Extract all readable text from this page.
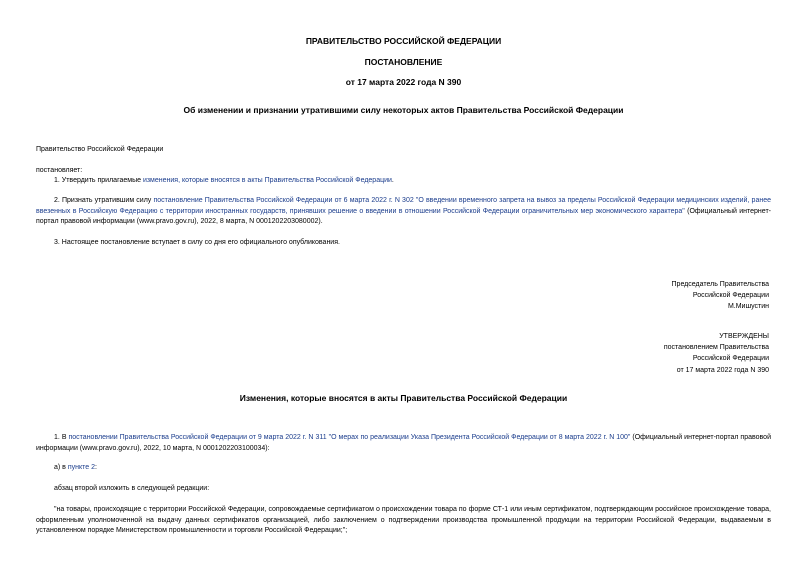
ПРАВИТЕЛЬСТВО РОССИЙСКОЙ ФЕДЕРАЦИИ
ПОСТАНОВЛЕНИЕ
от 17 марта 2022 года N 390
Об изменении и признании утратившими силу некоторых актов Правительства Российской Федерации
Правительство Российской Федерации
постановляет:
1. Утвердить прилагаемые изменения, которые вносятся в акты Правительства Российской Федерации.
2. Признать утратившим силу постановление Правительства Российской Федерации от 6 марта 2022 г. N 302 "О введении временного запрета на вывоз за пределы Российской Федерации медицинских изделий, ранее ввезенных в Российскую Федерацию с территории иностранных государств, принявших решение о введении в отношении Российской Федерации ограничительных мер экономического характера" (Официальный интернет-портал правовой информации (www.pravo.gov.ru), 2022, 8 марта, N 0001202203080002).
3. Настоящее постановление вступает в силу со дня его официального опубликования.
Председатель Правительства
Российской Федерации
М.Мишустин
УТВЕРЖДЕНЫ
постановлением Правительства
Российской Федерации
от 17 марта 2022 года N 390
Изменения, которые вносятся в акты Правительства Российской Федерации
1. В постановлении Правительства Российской Федерации от 9 марта 2022 г. N 311 "О мерах по реализации Указа Президента Российской Федерации от 8 марта 2022 г. N 100" (Официальный интернет-портал правовой информации (www.pravo.gov.ru), 2022, 10 марта, N 0001202203100034):
а) в пункте 2:
абзац второй изложить в следующей редакции:
"на товары, происходящие с территории Российской Федерации, сопровождаемые сертификатом о происхождении товара по форме СТ-1 или иным сертификатом, подтверждающим российское происхождение товара, оформленным уполномоченной на выдачу данных сертификатов организацией, либо заключением о подтверждении производства промышленной продукции на территории Российской Федерации, выдаваемым в установленном порядке Министерством промышленности и торговли Российской Федерации;";
